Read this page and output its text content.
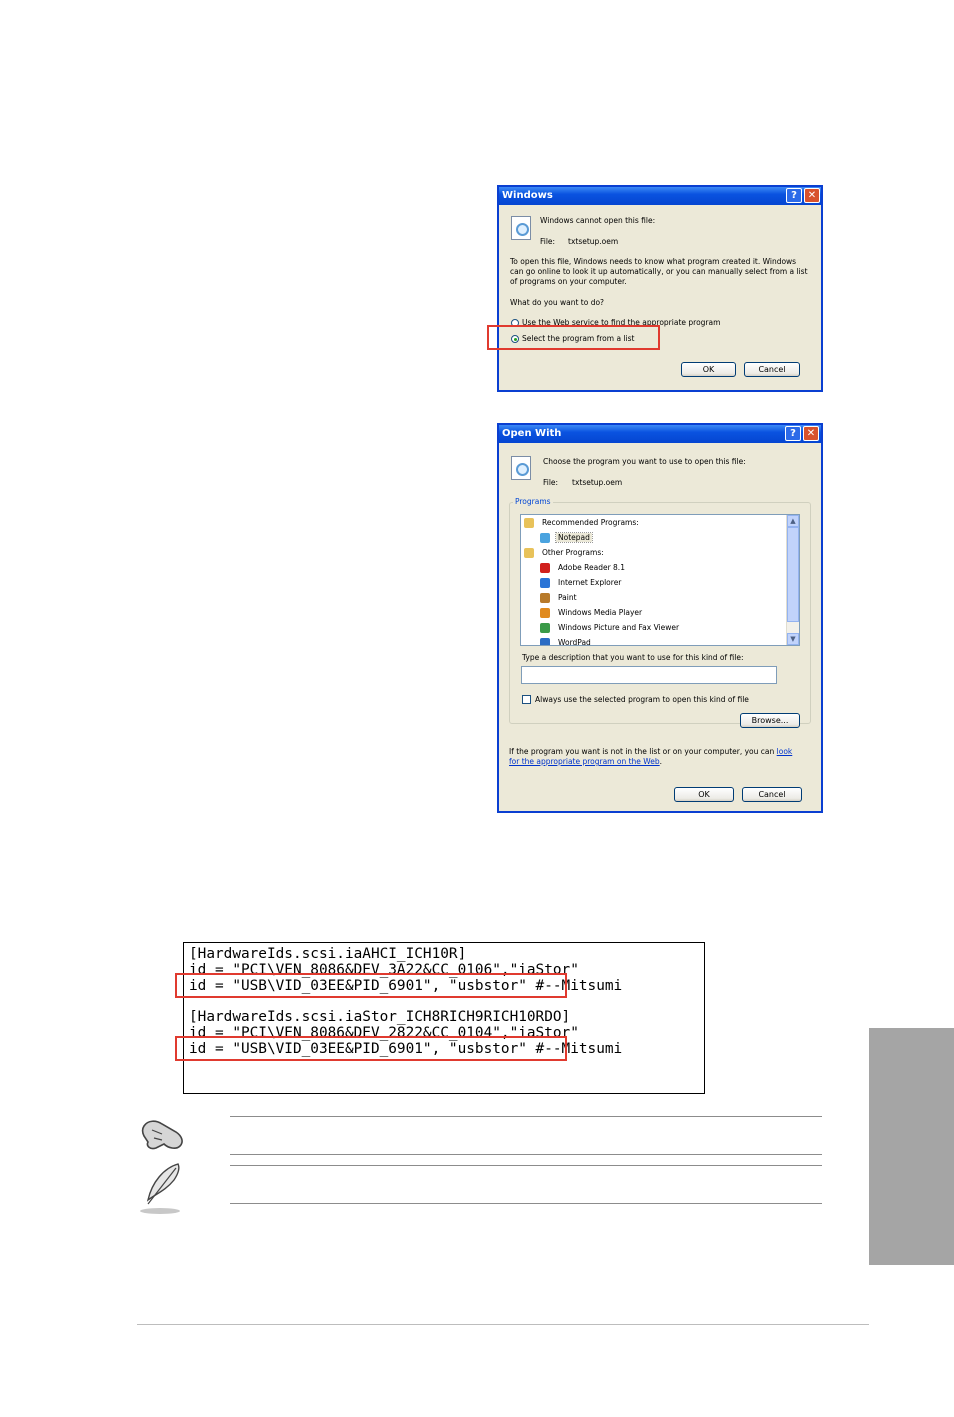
Windows	?	✕
Windows cannot open this file:
File: txtsetup.oem
To open this file, Windows needs to know what program created it. Windows can go online to look it up automatically, or you can manually select from a list of programs on your computer.
What do you want to do?
Use the Web service to find the appropriate program
Select the program from a list
OK	Cancel
Open With	?	✕
Choose the program you want to use to open this file:
File: txtsetup.oem
Programs
Recommended Programs:
Notepad
Other Programs:
Adobe Reader 8.1
Internet Explorer
Paint
Windows Media Player
Windows Picture and Fax Viewer
WordPad
▲
▼
Type a description that you want to use for this kind of file:
Always use the selected program to open this kind of file
Browse...
If the program you want is not in the list or on your computer, you can look
for the appropriate program on the Web.
OK	Cancel
[HardwareIds.scsi.iaAHCI_ICH10R]
id = "PCI\VEN_8086&DEV_3A22&CC_0106","iaStor"
id = "USB\VID_03EE&PID_6901", "usbstor" #--Mitsumi
[HardwareIds.scsi.iaStor_ICH8RICH9RICH10RDO]
id = "PCI\VEN_8086&DEV_2822&CC_0104","iaStor"
id = "USB\VID_03EE&PID_6901", "usbstor" #--Mitsumi
